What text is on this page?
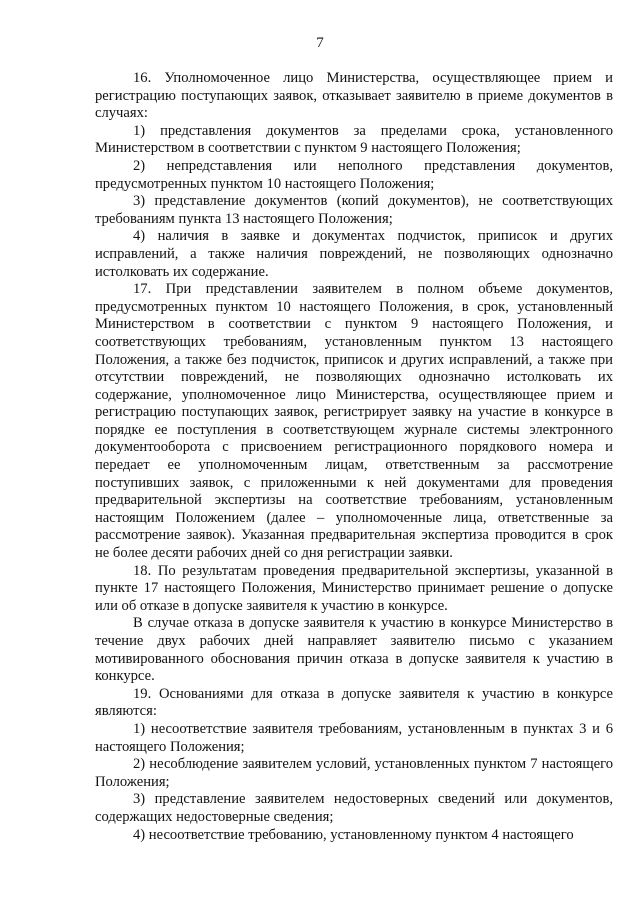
7

16. Уполномоченное лицо Министерства, осуществляющее прием и регистрацию поступающих заявок, отказывает заявителю в приеме документов в случаях:

1) представления документов за пределами срока, установленного Министерством в соответствии с пунктом 9 настоящего Положения;

2) непредставления или неполного представления документов, предусмотренных пунктом 10 настоящего Положения;

3) представление документов (копий документов), не соответствующих требованиям пункта 13 настоящего Положения;

4) наличия в заявке и документах подчисток, приписок и других исправлений, а также наличия повреждений, не позволяющих однозначно истолковать их содержание.

17. При представлении заявителем в полном объеме документов, предусмотренных пунктом 10 настоящего Положения, в срок, установленный Министерством в соответствии с пунктом 9 настоящего Положения, и соответствующих требованиям, установленным пунктом 13 настоящего Положения, а также без подчисток, приписок и других исправлений, а также при отсутствии повреждений, не позволяющих однозначно истолковать их содержание, уполномоченное лицо Министерства, осуществляющее прием и регистрацию поступающих заявок, регистрирует заявку на участие в конкурсе в порядке ее поступления в соответствующем журнале системы электронного документооборота с присвоением регистрационного порядкового номера и передает ее уполномоченным лицам, ответственным за рассмотрение поступивших заявок, с приложенными к ней документами для проведения предварительной экспертизы на соответствие требованиям, установленным настоящим Положением (далее – уполномоченные лица, ответственные за рассмотрение заявок). Указанная предварительная экспертиза проводится в срок не более десяти рабочих дней со дня регистрации заявки.

18. По результатам проведения предварительной экспертизы, указанной в пункте 17 настоящего Положения, Министерство принимает решение о допуске или об отказе в допуске заявителя к участию в конкурсе.

В случае отказа в допуске заявителя к участию в конкурсе Министерство в течение двух рабочих дней направляет заявителю письмо с указанием мотивированного обоснования причин отказа в допуске заявителя к участию в конкурсе.

19. Основаниями для отказа в допуске заявителя к участию в конкурсе являются:

1) несоответствие заявителя требованиям, установленным в пунктах 3 и 6 настоящего Положения;

2) несоблюдение заявителем условий, установленных пунктом 7 настоящего Положения;

3) представление заявителем недостоверных сведений или документов, содержащих недостоверные сведения;

4) несоответствие требованию, установленному пунктом 4 настоящего
